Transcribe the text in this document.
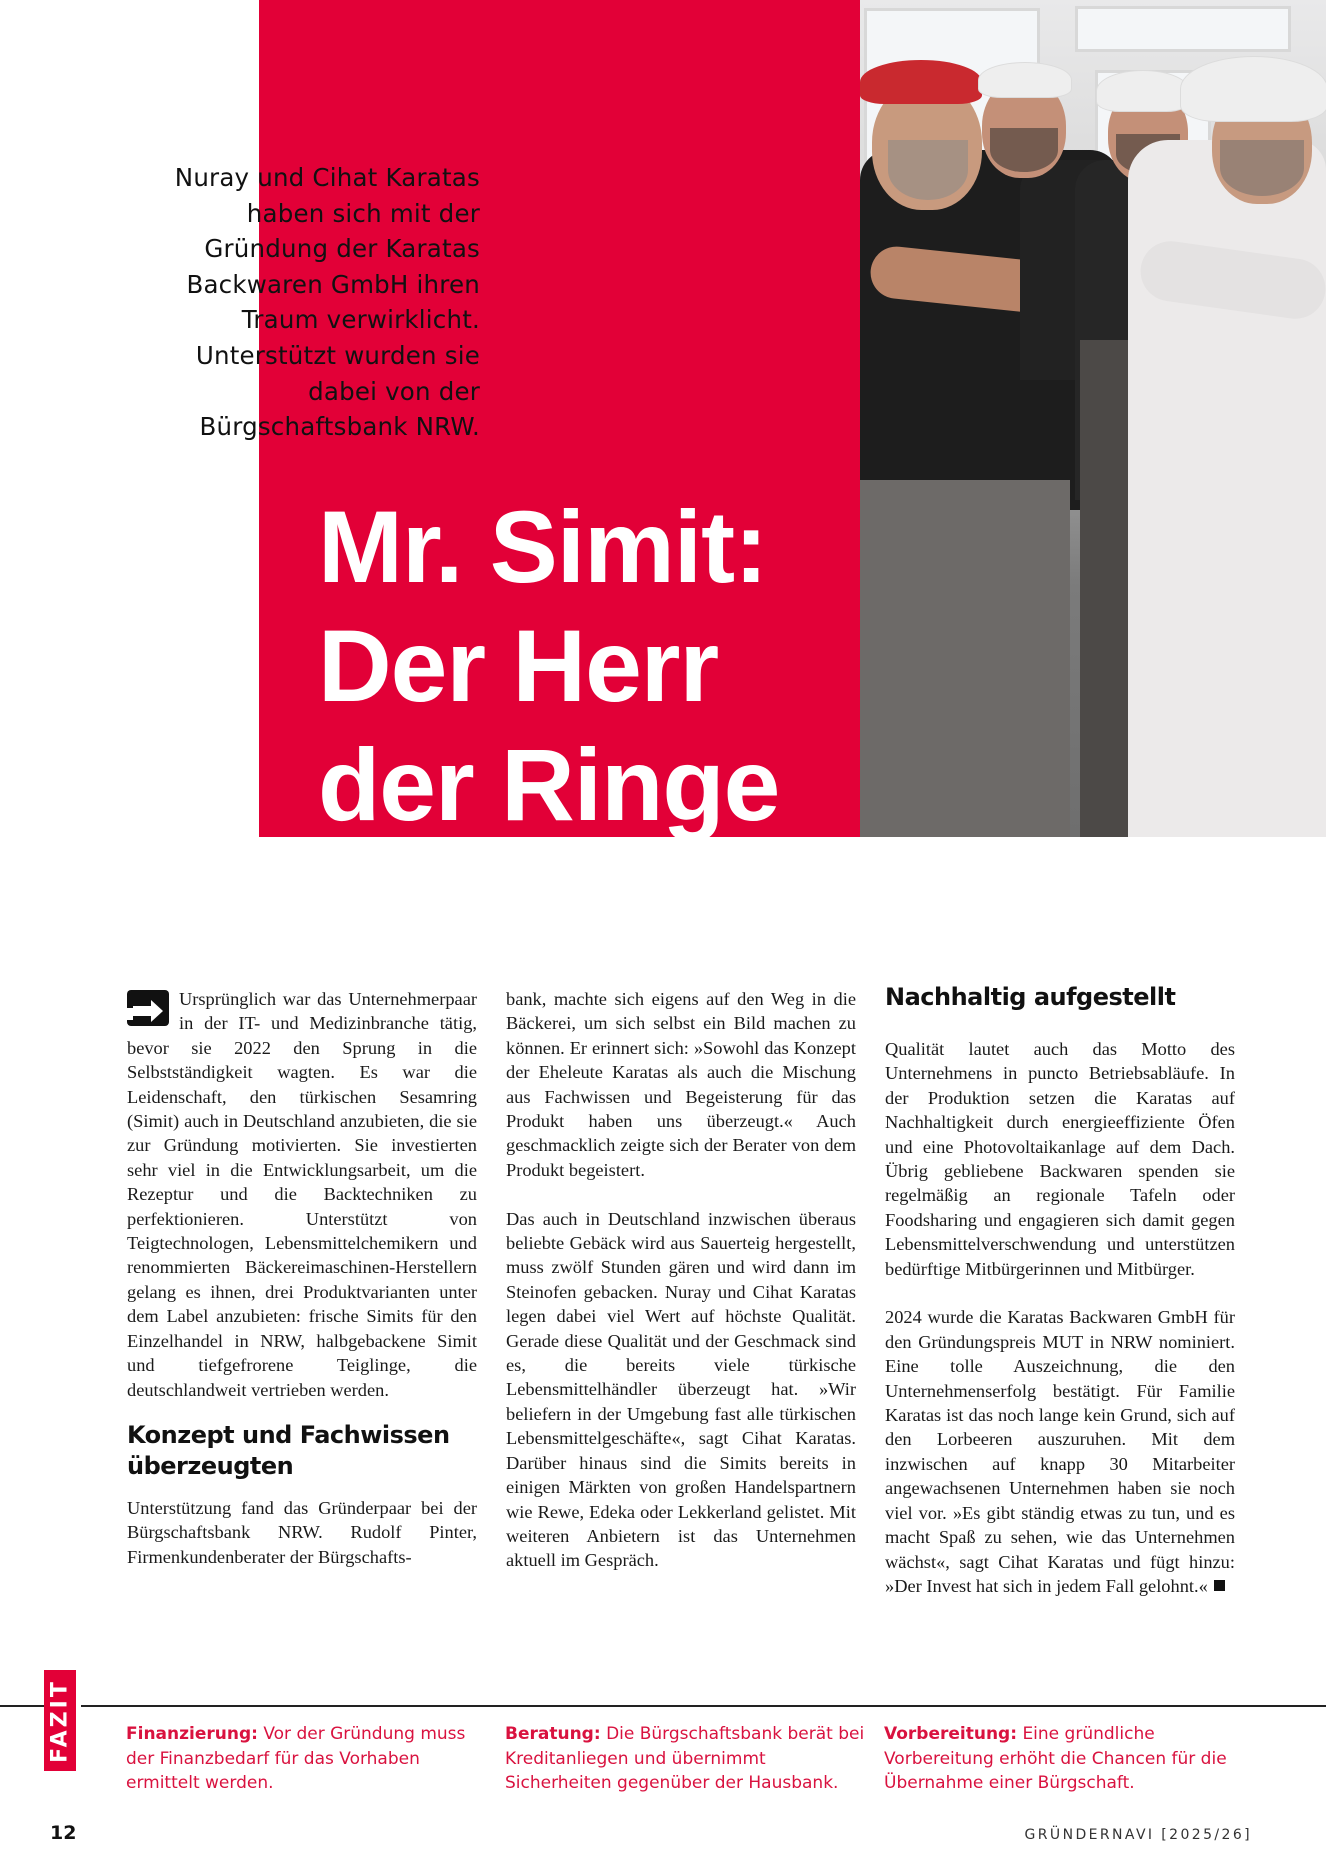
Nuray und Cihat Karatas
haben sich mit der
Gründung der Karatas
Backwaren GmbH ihren
Traum verwirklicht.
Unterstützt wurden sie
dabei von der
Bürgschaftsbank NRW.
Mr. Simit:
Der Herr
der Ringe

Ursprünglich war das Unternehmerpaar in der IT- und Medizinbranche tätig, bevor sie 2022 den Sprung in die Selbstständigkeit wagten. Es war die Leidenschaft, den türkischen Sesamring (Simit) auch in Deutschland anzubieten, die sie zur Gründung motivierten. Sie investierten sehr viel in die Entwicklungsarbeit, um die Rezeptur und die Backtechniken zu perfektionieren. Unterstützt von Teigtechnologen, Lebensmittelchemikern und renommierten Bäckereimaschinen-Herstellern gelang es ihnen, drei Produktvarianten unter dem Label anzubieten: frische Simits für den Einzelhandel in NRW, halbgebackene Simit und tiefgefrorene Teiglinge, die deutschlandweit vertrieben werden.

Konzept und Fachwissen überzeugten

Unterstützung fand das Gründerpaar bei der Bürgschaftsbank NRW. Rudolf Pinter, Firmenkundenberater der Bürgschafts-

bank, machte sich eigens auf den Weg in die Bäckerei, um sich selbst ein Bild machen zu können. Er erinnert sich: »Sowohl das Konzept der Eheleute Karatas als auch die Mischung aus Fachwissen und Begeisterung für das Produkt haben uns überzeugt.« Auch geschmacklich zeigte sich der Berater von dem Produkt begeistert.

Das auch in Deutschland inzwischen überaus beliebte Gebäck wird aus Sauerteig hergestellt, muss zwölf Stunden gären und wird dann im Steinofen gebacken. Nuray und Cihat Karatas legen dabei viel Wert auf höchste Qualität. Gerade diese Qualität und der Geschmack sind es, die bereits viele türkische Lebensmittelhändler überzeugt hat. »Wir beliefern in der Umgebung fast alle türkischen Lebensmittelgeschäfte«, sagt Cihat Karatas. Darüber hinaus sind die Simits bereits in einigen Märkten von großen Handelspartnern wie Rewe, Edeka oder Lekkerland gelistet. Mit weiteren Anbietern ist das Unternehmen aktuell im Gespräch.

Nachhaltig aufgestellt

Qualität lautet auch das Motto des Unternehmens in puncto Betriebsabläufe. In der Produktion setzen die Karatas auf Nachhaltigkeit durch energieeffiziente Öfen und eine Photovoltaikanlage auf dem Dach. Übrig gebliebene Backwaren spenden sie regelmäßig an regionale Tafeln oder Foodsharing und engagieren sich damit gegen Lebensmittelverschwendung und unterstützen bedürftige Mitbürgerinnen und Mitbürger.

2024 wurde die Karatas Backwaren GmbH für den Gründungspreis MUT in NRW nominiert. Eine tolle Auszeichnung, die den Unternehmenserfolg bestätigt. Für Familie Karatas ist das noch lange kein Grund, sich auf den Lorbeeren auszuruhen. Mit dem inzwischen auf knapp 30 Mitarbeiter angewachsenen Unternehmen haben sie noch viel vor. »Es gibt ständig etwas zu tun, und es macht Spaß zu sehen, wie das Unternehmen wächst«, sagt Cihat Karatas und fügt hinzu: »Der Invest hat sich in jedem Fall gelohnt.«

FAZIT	Finanzierung: Vor der Gründung muss der Finanzbedarf für das Vorhaben ermittelt werden.
Beratung: Die Bürgschaftsbank berät bei Kreditanliegen und übernimmt Sicherheiten gegenüber der Hausbank.
Vorbereitung: Eine gründliche Vorbereitung erhöht die Chancen für die Übernahme einer Bürgschaft.
12	GRÜNDERNAVI [2025/26]
